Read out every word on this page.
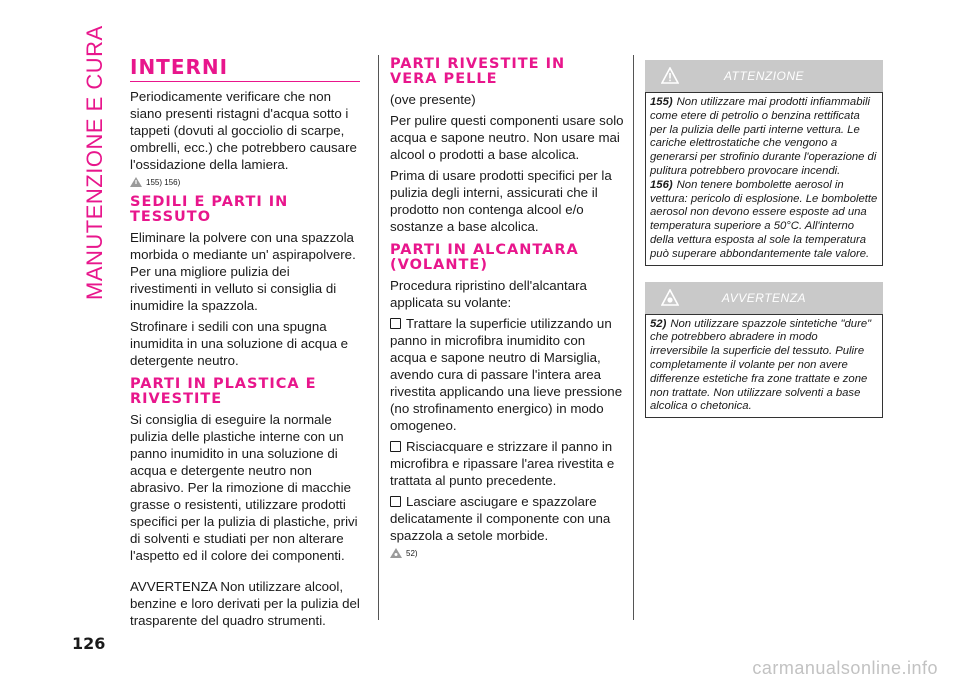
MANUTENZIONE E CURA INTERNI

Periodicamente verificare che non siano presenti ristagni d'acqua sotto i tappeti (dovuti al gocciolio di scarpe, ombrelli, ecc.) che potrebbero causare l'ossidazione della lamiera.

155) 156)
SEDILI E PARTI IN
TESSUTO

Eliminare la polvere con una spazzola morbida o mediante un' aspirapolvere. Per una migliore pulizia dei rivestimenti in velluto si consiglia di inumidire la spazzola.

Strofinare i sedili con una spugna inumidita in una soluzione di acqua e detergente neutro.

PARTI IN PLASTICA E
RIVESTITE

Si consiglia di eseguire la normale pulizia delle plastiche interne con un panno inumidito in una soluzione di acqua e detergente neutro non abrasivo. Per la rimozione di macchie grasse o resistenti, utilizzare prodotti specifici per la pulizia di plastiche, privi di solventi e studiati per non alterare l'aspetto ed il colore dei componenti.

AVVERTENZA Non utilizzare alcool, benzine e loro derivati per la pulizia del trasparente del quadro strumenti.

PARTI RIVESTITE IN
VERA PELLE

(ove presente)

Per pulire questi componenti usare solo acqua e sapone neutro. Non usare mai alcool o prodotti a base alcolica.

Prima di usare prodotti specifici per la pulizia degli interni, assicurati che il prodotto non contenga alcool e/o sostanze a base alcolica.

PARTI IN ALCANTARA
(VOLANTE)

Procedura ripristino dell'alcantara applicata su volante:

Trattare la superficie utilizzando un panno in microfibra inumidito con acqua e sapone neutro di Marsiglia, avendo cura di passare l'intera area rivestita applicando una lieve pressione (no strofinamento energico) in modo omogeneo.

Risciacquare e strizzare il panno in microfibra e ripassare l'area rivestita e trattata al punto precedente.

Lasciare asciugare e spazzolare delicatamente il componente con una spazzola a setole morbide.

52)
ATTENZIONE

155) Non utilizzare mai prodotti infiammabili come etere di petrolio o benzina rettificata per la pulizia delle parti interne vettura. Le cariche elettrostatiche che vengono a generarsi per strofinio durante l'operazione di pulitura potrebbero provocare incendi.

156) Non tenere bombolette aerosol in vettura: pericolo di esplosione. Le bombolette aerosol non devono essere esposte ad una temperatura superiore a 50°C. All'interno della vettura esposta al sole la temperatura può superare abbondantemente tale valore.

AVVERTENZA

52) Non utilizzare spazzole sintetiche "dure" che potrebbero abradere in modo irreversibile la superficie del tessuto. Pulire completamente il volante per non avere differenze estetiche fra zone trattate e zone non trattate. Non utilizzare solventi a base alcolica o chetonica.

126
carmanualsonline.info
